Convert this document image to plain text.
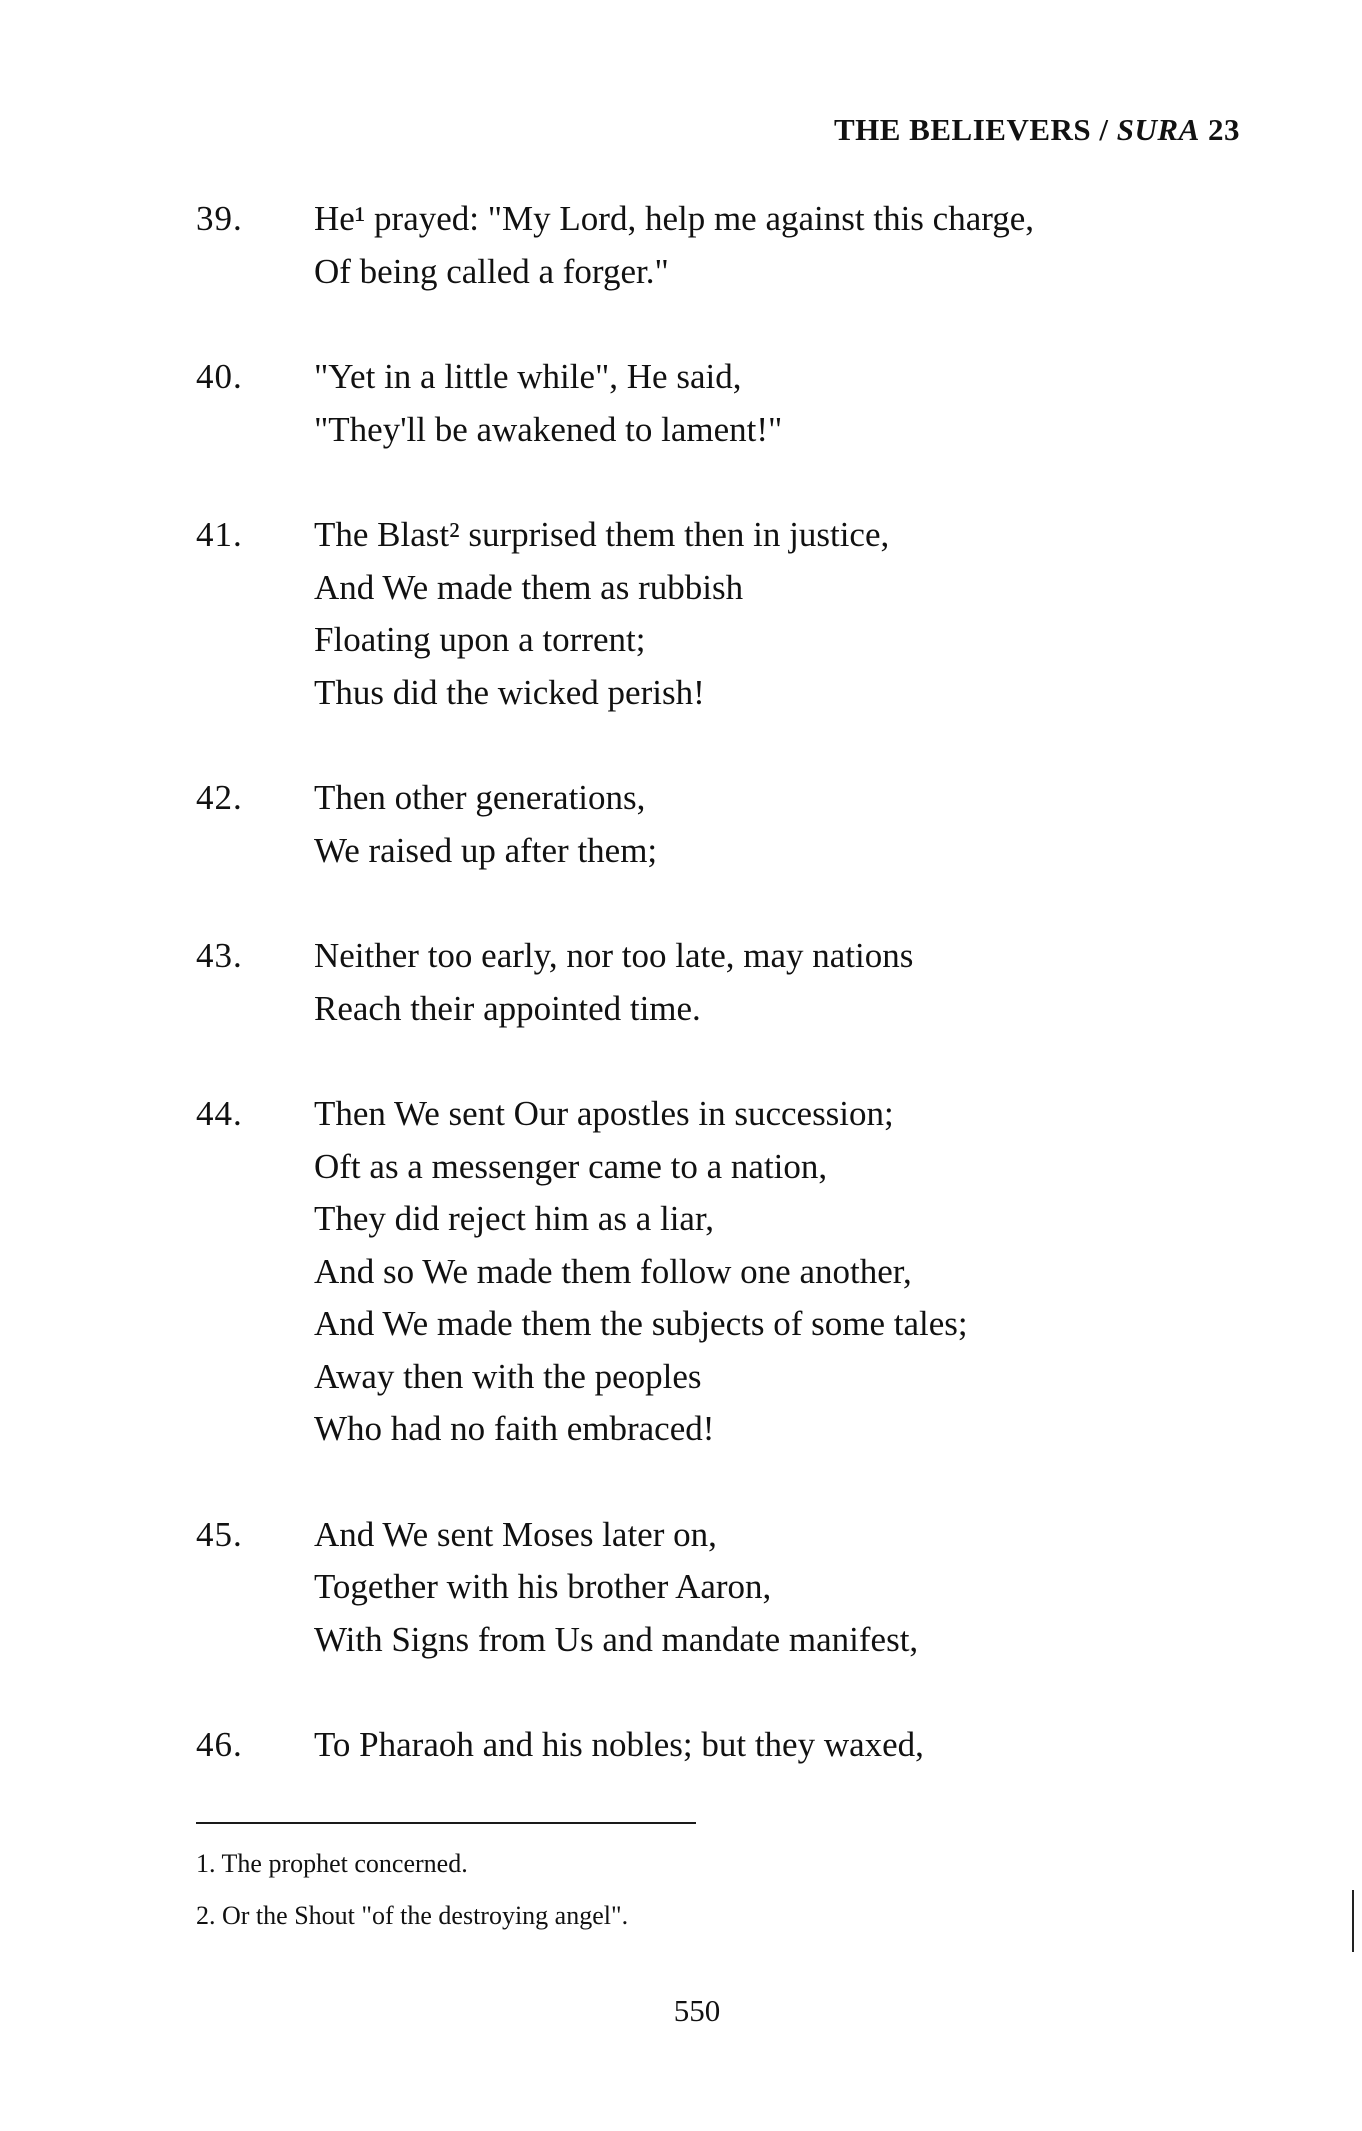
THE BELIEVERS / SURA 23
39.	He¹ prayed: "My Lord, help me against this charge,
Of being called a forger."
40.	"Yet in a little while", He said,
"They'll be awakened to lament!"
41.	The Blast² surprised them then in justice,
And We made them as rubbish
Floating upon a torrent;
Thus did the wicked perish!
42.	Then other generations,
We raised up after them;
43.	Neither too early, nor too late, may nations
Reach their appointed time.
44.	Then We sent Our apostles in succession;
Oft as a messenger came to a nation,
They did reject him as a liar,
And so We made them follow one another,
And We made them the subjects of some tales;
Away then with the peoples
Who had no faith embraced!
45.	And We sent Moses later on,
Together with his brother Aaron,
With Signs from Us and mandate manifest,
46.	To Pharaoh and his nobles; but they waxed,
1. The prophet concerned.
2. Or the Shout "of the destroying angel".
550
